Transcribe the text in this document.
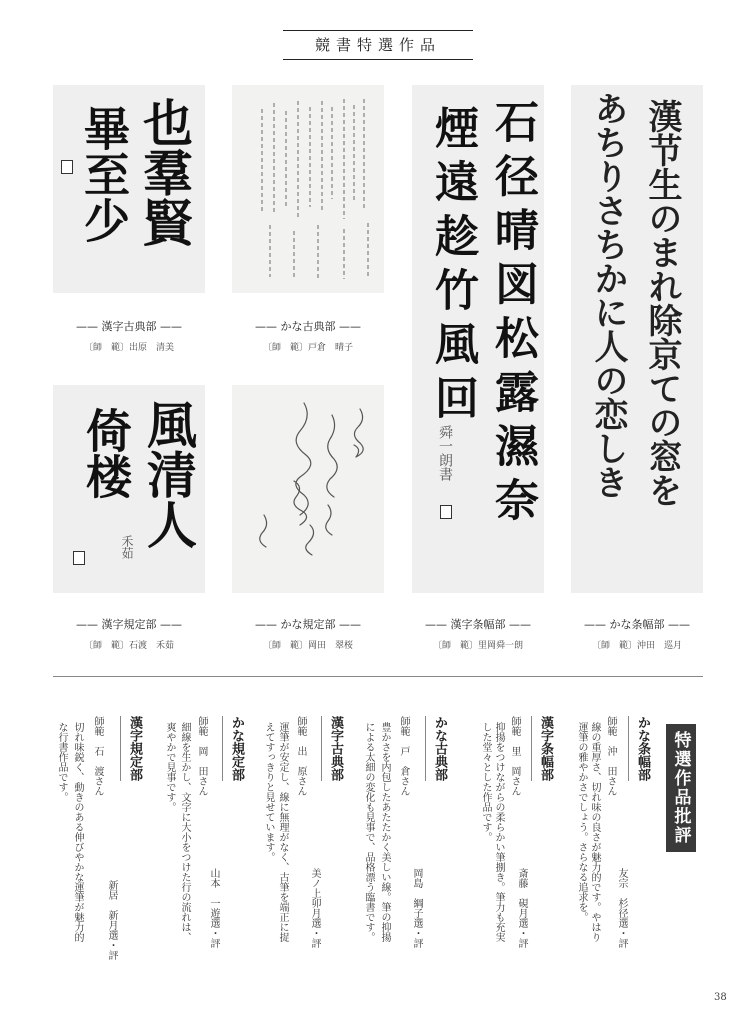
競書特選作品
也羣賢
畢至少
—— 漢字古典部 ——
〔師　範〕出原　清美
—— かな古典部 ——
〔師　範〕戸倉　晴子	石径晴図松露濕奈
煙遠趁竹風回
舜一朗書
—— 漢字条幅部 ——
〔師　範〕里岡舜一朗
漢节生のまれ除京ての窓を
あちりさちかに人の恋しき
—— かな条幅部 ——
〔師　範〕沖田　巡月
風清人
倚楼
禾茹
—— 漢字規定部 ——
〔師　範〕石渡　禾茹
—— かな規定部 ——
〔師　範〕岡田　翠桜
特選作品批評
かな条幅部
師範　沖　田さん
線の重厚さ、切れ味の良さが魅力的です。やはり
運筆の雅やかさでしょう。さらなる追求を。	友宗　杉径選・評
漢字条幅部
師範　里　岡さん
抑揚をつけながらの柔らかい筆捌き。筆力も充実
した堂々とした作品です。
斎藤　硯月選・評
かな古典部
師範　戸　倉さん
豊かさを内包したあたたかく美しい線。筆の抑揚
による太細の変化も見事で、品格漂う臨書です。	岡島　綱子選・評
漢字古典部
師範　出　原さん
運筆が安定し、線に無理がなく、古筆を端正に捉
えてすっきりと見せています。
美ノ上卯月選・評
かな規定部
師範　岡　田さん
細線を生かし、文字に大小をつけた行の流れは、
爽やかで見事です。
山本　一遊選・評
漢字規定部
師範　石　渡さん
切れ味鋭く、動きのある伸びやかな運筆が魅力的
な行書作品です。
新居　新月選・評
38
